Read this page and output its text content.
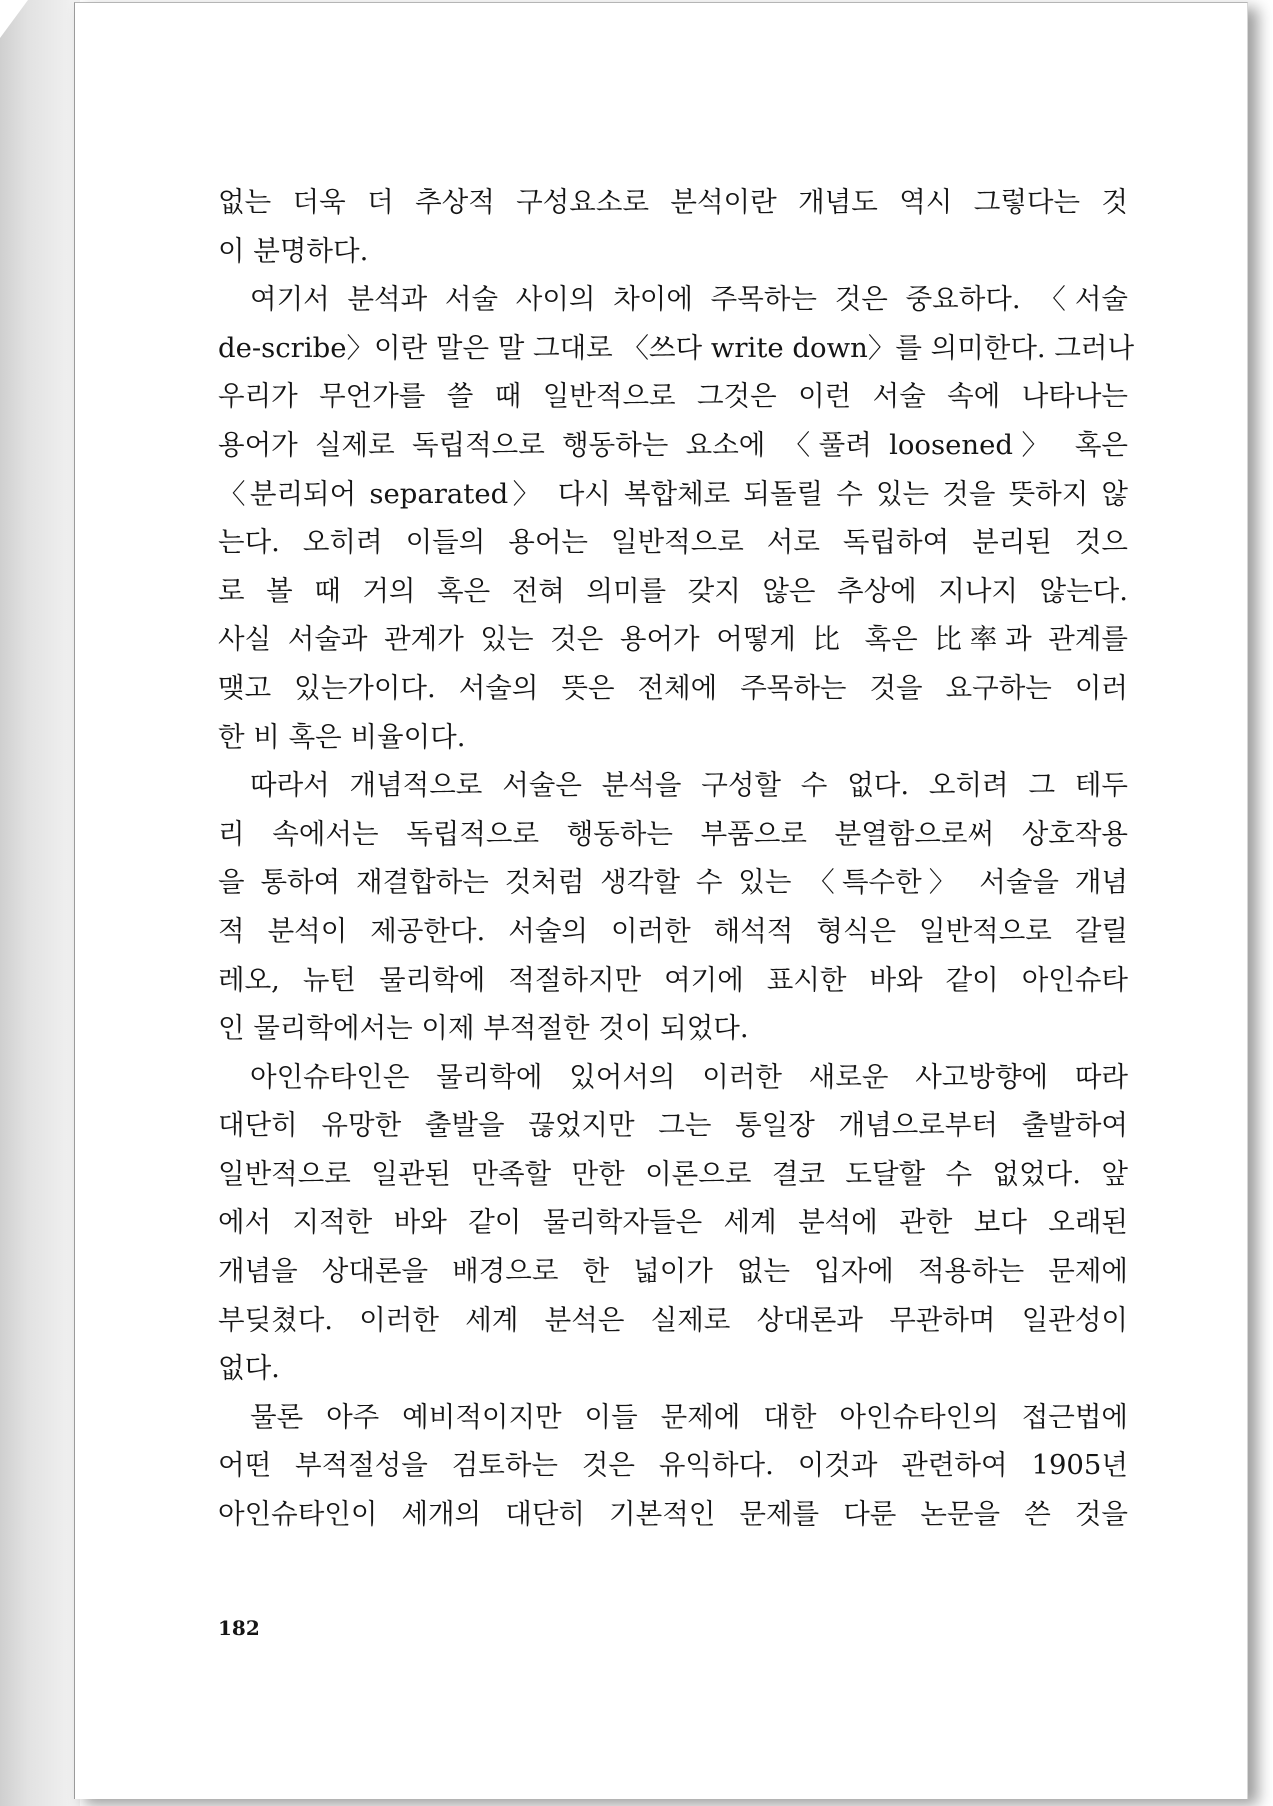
없는 더욱 더 추상적 구성요소로 분석이란 개념도 역시 그렇다는 것
이 분명하다.
여기서 분석과 서술 사이의 차이에 주목하는 것은 중요하다. 〈서술
de-scribe〉이란 말은 말 그대로 〈쓰다 write down〉를 의미한다. 그러나
우리가 무언가를 쓸 때 일반적으로 그것은 이런 서술 속에 나타나는
용어가 실제로 독립적으로 행동하는 요소에 〈풀려 loosened〉 혹은
〈분리되어 separated〉 다시 복합체로 되돌릴 수 있는 것을 뜻하지 않
는다. 오히려 이들의 용어는 일반적으로 서로 독립하여 분리된 것으
로 볼 때 거의 혹은 전혀 의미를 갖지 않은 추상에 지나지 않는다.
사실 서술과 관계가 있는 것은 용어가 어떻게 比 혹은 比率과 관계를
맺고 있는가이다. 서술의 뜻은 전체에 주목하는 것을 요구하는 이러
한 비 혹은 비율이다.
따라서 개념적으로 서술은 분석을 구성할 수 없다. 오히려 그 테두
리 속에서는 독립적으로 행동하는 부품으로 분열함으로써 상호작용
을 통하여 재결합하는 것처럼 생각할 수 있는 〈특수한〉 서술을 개념
적 분석이 제공한다. 서술의 이러한 해석적 형식은 일반적으로 갈릴
레오, 뉴턴 물리학에 적절하지만 여기에 표시한 바와 같이 아인슈타
인 물리학에서는 이제 부적절한 것이 되었다.
아인슈타인은 물리학에 있어서의 이러한 새로운 사고방향에 따라
대단히 유망한 출발을 끊었지만 그는 통일장 개념으로부터 출발하여
일반적으로 일관된 만족할 만한 이론으로 결코 도달할 수 없었다. 앞
에서 지적한 바와 같이 물리학자들은 세계 분석에 관한 보다 오래된
개념을 상대론을 배경으로 한 넓이가 없는 입자에 적용하는 문제에
부딪쳤다. 이러한 세계 분석은 실제로 상대론과 무관하며 일관성이
없다.
물론 아주 예비적이지만 이들 문제에 대한 아인슈타인의 접근법에
어떤 부적절성을 검토하는 것은 유익하다. 이것과 관련하여 1905년
아인슈타인이 세개의 대단히 기본적인 문제를 다룬 논문을 쓴 것을
182
